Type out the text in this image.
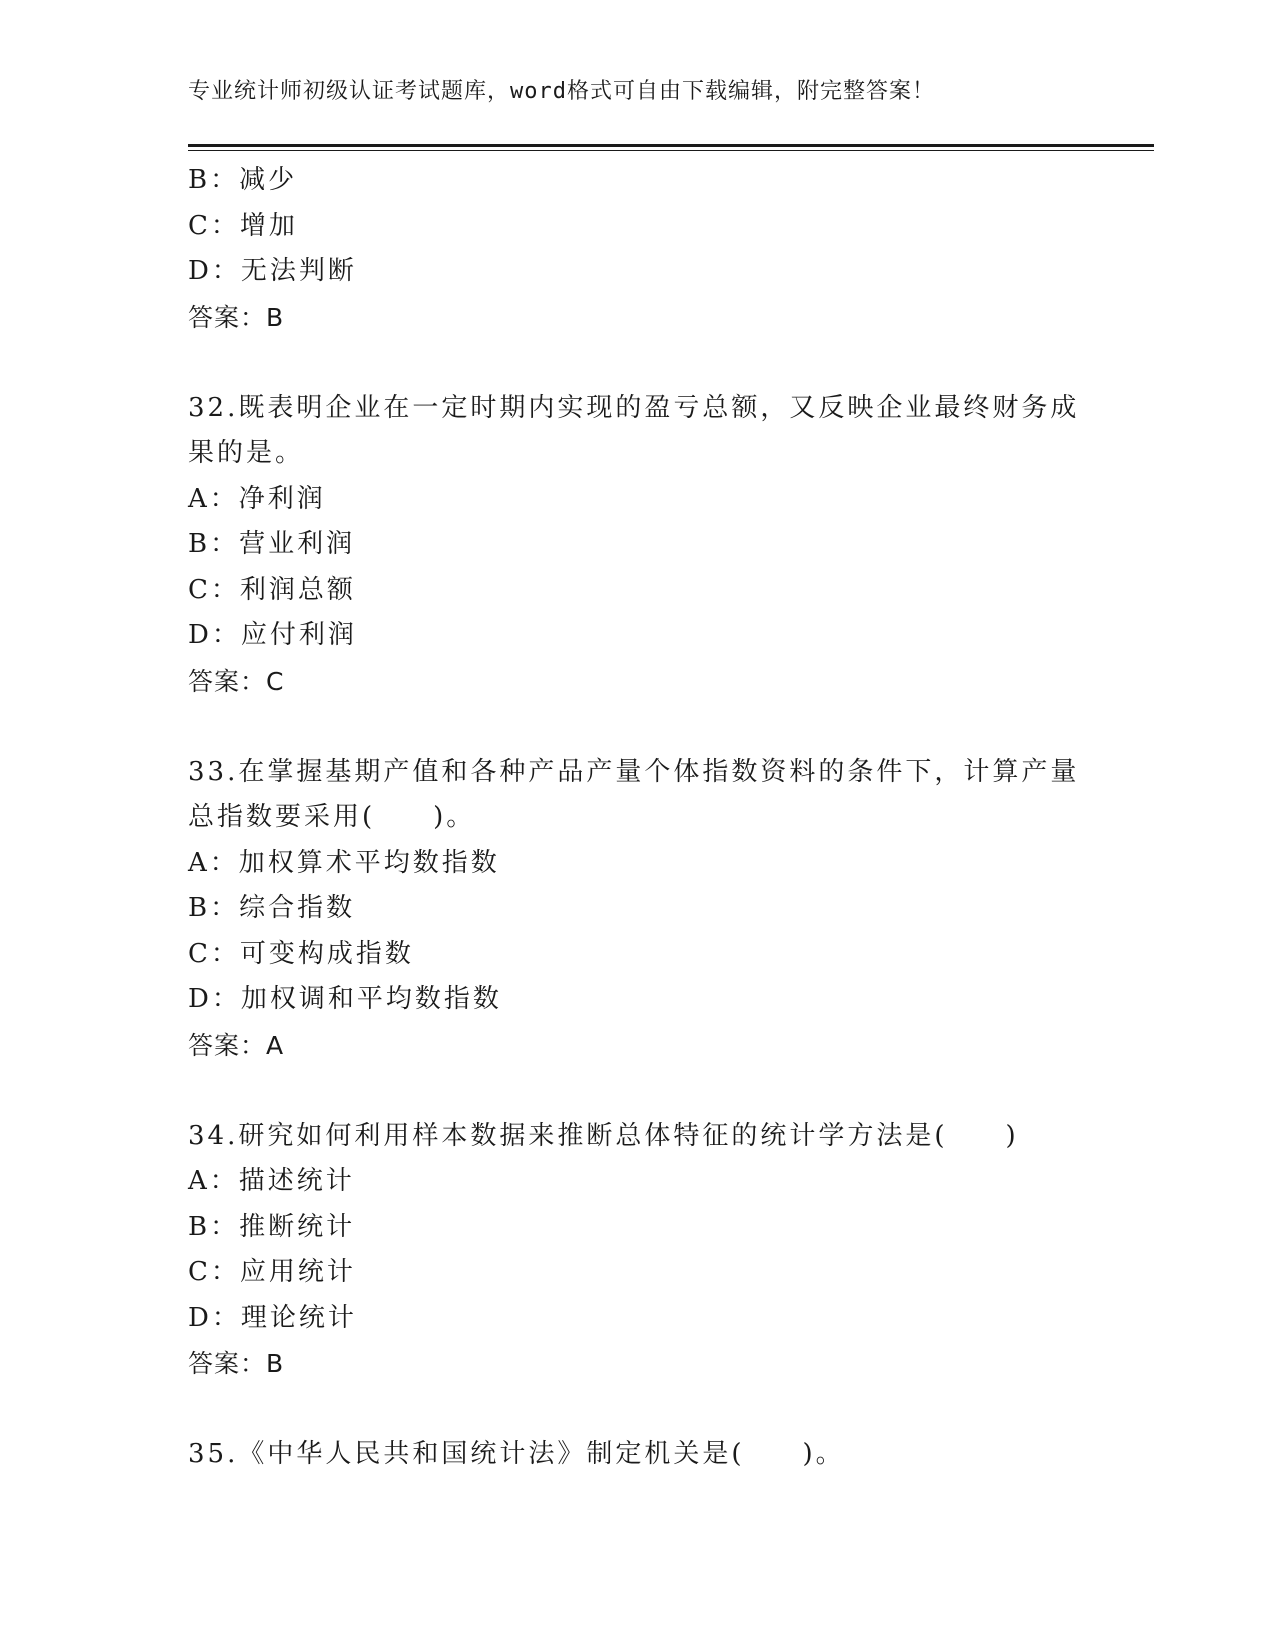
专业统计师初级认证考试题库，word格式可自由下载编辑，附完整答案！
B：减少
C：增加
D：无法判断
答案：B
32.既表明企业在一定时期内实现的盈亏总额，又反映企业最终财务成
果的是。
A：净利润
B：营业利润
C：利润总额
D：应付利润
答案：C
33.在掌握基期产值和各种产品产量个体指数资料的条件下，计算产量
总指数要采用(　　)。
A：加权算术平均数指数
B：综合指数
C：可变构成指数
D：加权调和平均数指数
答案：A
34.研究如何利用样本数据来推断总体特征的统计学方法是(　　)
A：描述统计
B：推断统计
C：应用统计
D：理论统计
答案：B
35.《中华人民共和国统计法》制定机关是(　　)。
